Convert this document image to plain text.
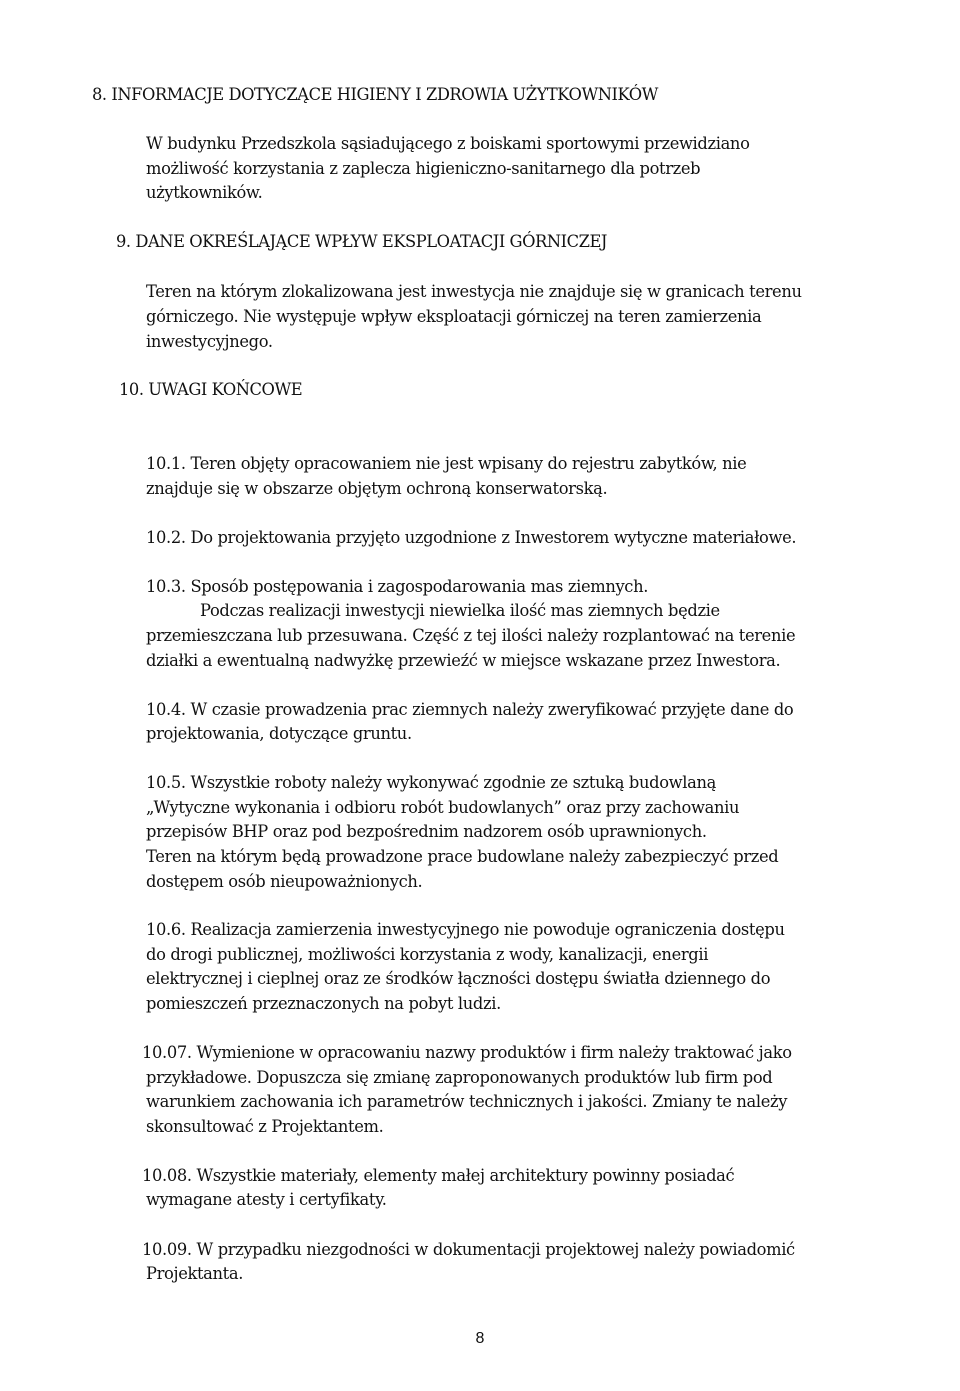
8. INFORMACJE DOTYCZĄCE HIGIENY I ZDROWIA UŻYTKOWNIKÓW
W budynku Przedszkola sąsiadującego z boiskami sportowymi przewidziano
możliwość korzystania z zaplecza higieniczno-sanitarnego dla potrzeb
użytkowników.
9. DANE OKREŚLAJĄCE WPŁYW EKSPLOATACJI GÓRNICZEJ
Teren na którym zlokalizowana jest inwestycja nie znajduje się w granicach terenu
górniczego. Nie występuje wpływ eksploatacji górniczej na teren zamierzenia
inwestycyjnego.
10. UWAGI KOŃCOWE
10.1. Teren objęty opracowaniem nie jest wpisany do rejestru zabytków, nie
znajduje się w obszarze objętym ochroną konserwatorską.
10.2. Do projektowania przyjęto uzgodnione z Inwestorem wytyczne materiałowe.
10.3. Sposób postępowania i zagospodarowania mas ziemnych.
Podczas realizacji inwestycji niewielka ilość mas ziemnych będzie
przemieszczana lub przesuwana. Część z tej ilości należy rozplantować na terenie
działki a ewentualną nadwyżkę przewieźć w miejsce wskazane przez Inwestora.
10.4. W czasie prowadzenia prac ziemnych należy zweryfikować przyjęte dane do
projektowania, dotyczące gruntu.
10.5. Wszystkie roboty należy wykonywać zgodnie ze sztuką budowlaną
„Wytyczne wykonania i odbioru robót budowlanych” oraz przy zachowaniu
przepisów BHP oraz pod bezpośrednim nadzorem osób uprawnionych.
Teren na którym będą prowadzone prace budowlane należy zabezpieczyć przed
dostępem osób nieupoważnionych.
10.6. Realizacja zamierzenia inwestycyjnego nie powoduje ograniczenia dostępu
do drogi publicznej, możliwości korzystania z wody, kanalizacji, energii
elektrycznej i cieplnej oraz ze środków łączności dostępu światła dziennego do
pomieszczeń przeznaczonych na pobyt ludzi.
10.07. Wymienione w opracowaniu nazwy produktów i firm należy traktować jako
przykładowe. Dopuszcza się zmianę zaproponowanych produktów lub firm pod
warunkiem zachowania ich parametrów technicznych i jakości. Zmiany te należy
skonsultować z Projektantem.
10.08. Wszystkie materiały, elementy małej architektury powinny posiadać
wymagane atesty i certyfikaty.
10.09. W przypadku niezgodności w dokumentacji projektowej należy powiadomić
Projektanta.
8
